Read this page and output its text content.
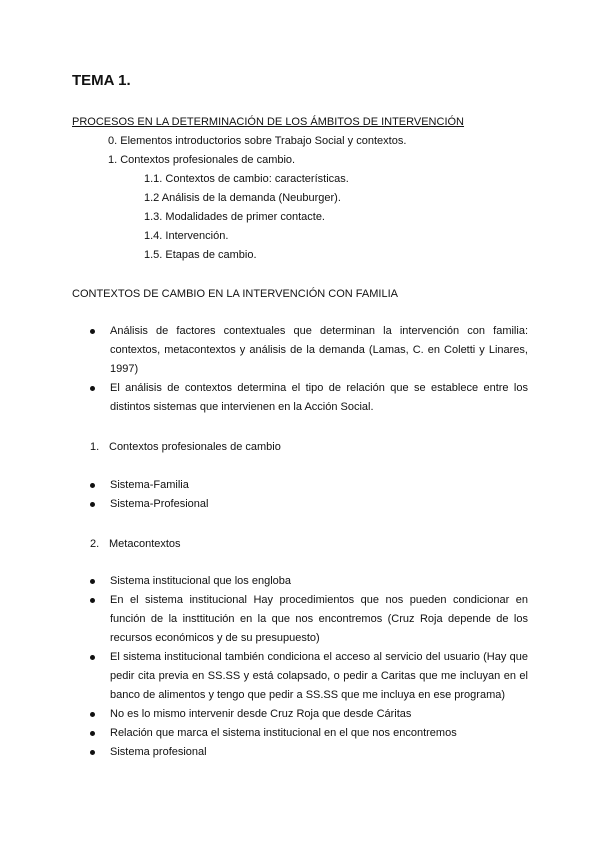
TEMA 1.
PROCESOS EN LA DETERMINACIÓN DE LOS ÁMBITOS DE INTERVENCIÓN
0. Elementos introductorios sobre Trabajo Social y contextos.
1. Contextos profesionales de cambio.
1.1. Contextos de cambio: características.
1.2 Análisis de la demanda (Neuburger).
1.3. Modalidades de primer contacte.
1.4. Intervención.
1.5. Etapas de cambio.
CONTEXTOS DE CAMBIO EN LA INTERVENCIÓN CON FAMILIA
Análisis de factores contextuales que determinan la intervención con familia: contextos, metacontextos y análisis de la demanda (Lamas, C. en Coletti y Linares, 1997)
El análisis de contextos determina el tipo de relación que se establece entre los distintos sistemas que intervienen en la Acción Social.
1. Contextos profesionales de cambio
Sistema-Familia
Sistema-Profesional
2. Metacontextos
Sistema institucional que los engloba
En el sistema institucional Hay procedimientos que nos pueden condicionar en función de la insttitución en la que nos encontremos (Cruz Roja depende de los recursos económicos y de su presupuesto)
El sistema institucional también condiciona el acceso al servicio del usuario (Hay que pedir cita previa en SS.SS y está colapsado, o pedir a Caritas que me incluyan en el banco de alimentos y tengo que pedir a SS.SS que me incluya en ese programa)
No es lo mismo intervenir desde Cruz Roja que desde Cáritas
Relación que marca el sistema institucional en el que nos encontremos
Sistema profesional
